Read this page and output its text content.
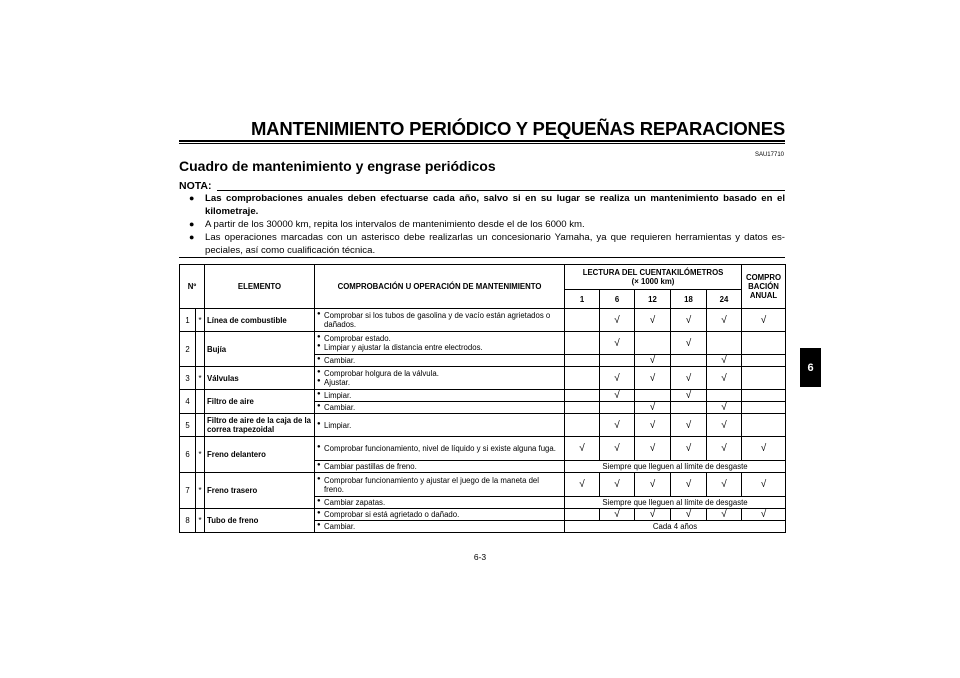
MANTENIMIENTO PERIÓDICO Y PEQUEÑAS REPARACIONES
SAU17710
Cuadro de mantenimiento y engrase periódicos
NOTA:
● Las comprobaciones anuales deben efectuarse cada año, salvo si en su lugar se realiza un mantenimiento basado en el kilometraje.
● A partir de los 30000 km, repita los intervalos de mantenimiento desde el de los 6000 km.
● Las operaciones marcadas con un asterisco debe realizarlas un concesionario Yamaha, ya que requieren herramientas y datos es-peciales, así como cualificación técnica.
Nº		ELEMENTO	COMPROBACIÓN U OPERACIÓN DE MANTENIMIENTO	LECTURA DEL CUENTAKILÓMETROS
(× 1000 km)					COMPRO BACIÓN ANUAL
				1	6	12	18	24	
1	*	Línea de combustible	● Comprobar si los tubos de gasolina y de vacío están agrietados o dañados.		√	√	√	√	√
2		Bujía	● Comprobar estado.
● Limpiar y ajustar la distancia entre electrodos.		√		√		
			● Cambiar.			√		√	
3	*	Válvulas	● Comprobar holgura de la válvula.
● Ajustar.		√	√	√	√	
4		Filtro de aire	● Limpiar.		√		√		
			● Cambiar.			√		√	
5		Filtro de aire de la caja de la correa trapezoidal	● Limpiar.		√	√	√	√	
6	*	Freno delantero	● Comprobar funcionamiento, nivel de líquido y si existe alguna fuga.	√	√	√	√	√	√
			● Cambiar pastillas de freno.	Siempre que lleguen al límite de desgaste					
7	*	Freno trasero	● Comprobar funcionamiento y ajustar el juego de la maneta del freno.	√	√	√	√	√	√
			● Cambiar zapatas.	Siempre que lleguen al límite de desgaste					
8	*	Tubo de freno	● Comprobar si está agrietado o dañado.		√	√	√	√	√
			● Cambiar.	Cada 4 años					
6
6-3
